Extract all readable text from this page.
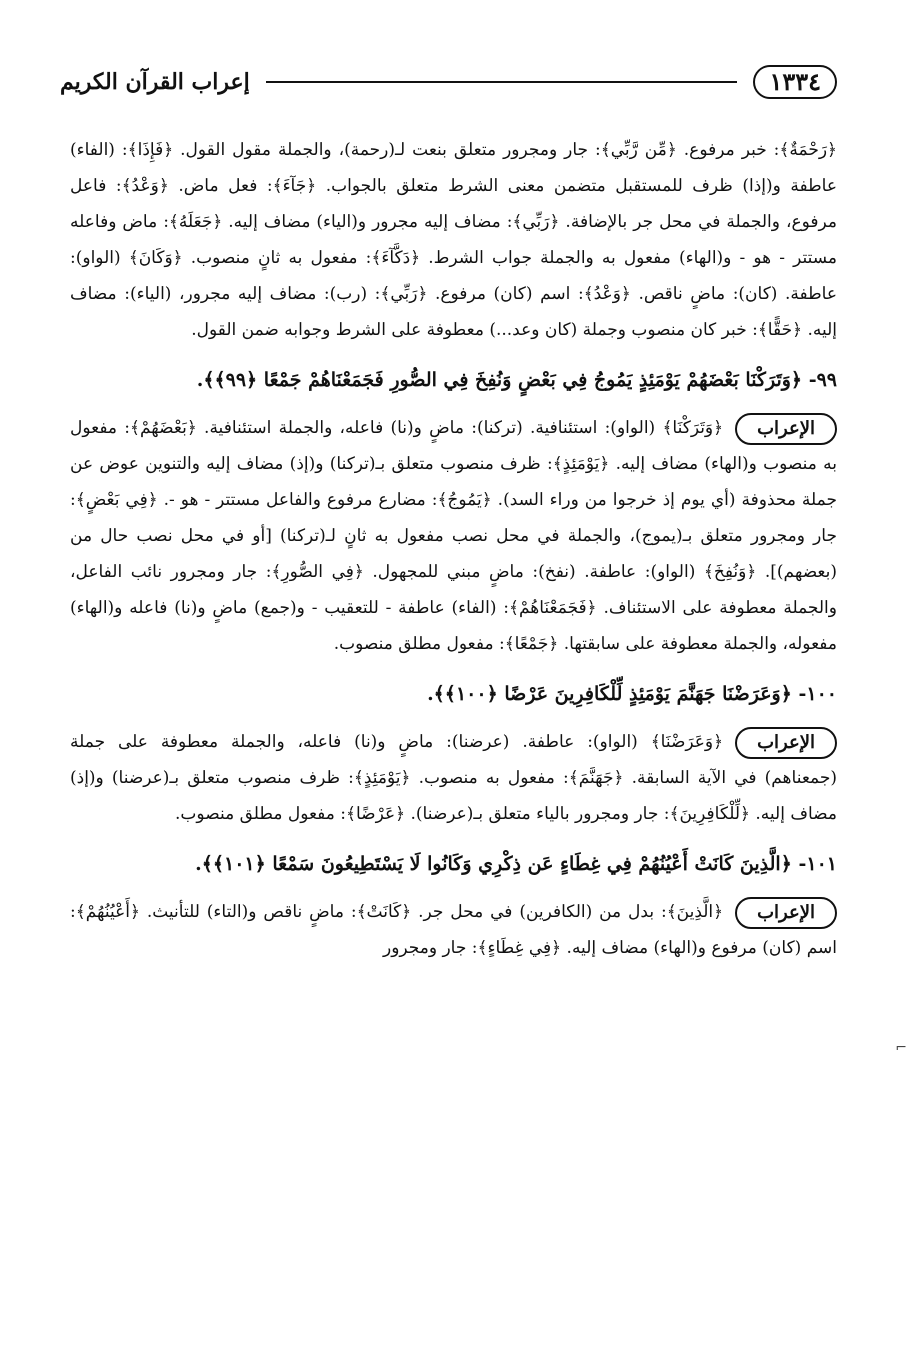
١٣٣٤
إعراب القرآن الكريم

﴿رَحْمَةٌ﴾: خبر مرفوع. ﴿مِّن رَّبِّي﴾: جار ومجرور متعلق بنعت لـ(رحمة)، والجملة مقول القول. ﴿فَإِذَا﴾: (الفاء) عاطفة و(إذا) ظرف للمستقبل متضمن معنى الشرط متعلق بالجواب. ﴿جَآءَ﴾: فعل ماض. ﴿وَعْدُ﴾: فاعل مرفوع، والجملة في محل جر بالإضافة. ﴿رَبِّي﴾: مضاف إليه مجرور و(الياء) مضاف إليه. ﴿جَعَلَهُ﴾: ماض وفاعله مستتر - هو - و(الهاء) مفعول به والجملة جواب الشرط. ﴿دَكَّآءَ﴾: مفعول به ثانٍ منصوب. ﴿وَكَانَ﴾ (الواو): عاطفة. (كان): ماضٍ ناقص. ﴿وَعْدُ﴾: اسم (كان) مرفوع. ﴿رَبِّي﴾: (رب): مضاف إليه مجرور، (الياء): مضاف إليه. ﴿حَقًّا﴾: خبر كان منصوب وجملة (كان وعد...) معطوفة على الشرط وجوابه ضمن القول.

٩٩- ﴿وَتَرَكْنَا بَعْضَهُمْ يَوْمَئِذٍ يَمُوجُ فِي بَعْضٍ وَنُفِخَ فِي الصُّورِ فَجَمَعْنَاهُمْ جَمْعًا ﴿٩٩﴾﴾.
الإعراب

﴿وَتَرَكْنَا﴾ (الواو): استئنافية. (تركنا): ماضٍ و(نا) فاعله، والجملة استئنافية. ﴿بَعْضَهُمْ﴾: مفعول به منصوب و(الهاء) مضاف إليه. ﴿يَوْمَئِذٍ﴾: ظرف منصوب متعلق بـ(تركنا) و(إذ) مضاف إليه والتنوين عوض عن جملة محذوفة (أي يوم إذ خرجوا من وراء السد). ﴿يَمُوجُ﴾: مضارع مرفوع والفاعل مستتر - هو -. ﴿فِي بَعْضٍ﴾: جار ومجرور متعلق بـ(يموج)، والجملة في محل نصب مفعول به ثانٍ لـ(تركنا) [أو في محل نصب حال من (بعضهم)]. ﴿وَنُفِخَ﴾ (الواو): عاطفة. (نفخ): ماضٍ مبني للمجهول. ﴿فِي الصُّورِ﴾: جار ومجرور نائب الفاعل، والجملة معطوفة على الاستئناف. ﴿فَجَمَعْنَاهُمْ﴾: (الفاء) عاطفة - للتعقيب - و(جمع) ماضٍ و(نا) فاعله و(الهاء) مفعوله، والجملة معطوفة على سابقتها. ﴿جَمْعًا﴾: مفعول مطلق منصوب.

١٠٠- ﴿وَعَرَضْنَا جَهَنَّمَ يَوْمَئِذٍ لِّلْكَافِرِينَ عَرْضًا ﴿١٠٠﴾﴾.
الإعراب

﴿وَعَرَضْنَا﴾ (الواو): عاطفة. (عرضنا): ماضٍ و(نا) فاعله، والجملة معطوفة على جملة (جمعناهم) في الآية السابقة. ﴿جَهَنَّمَ﴾: مفعول به منصوب. ﴿يَوْمَئِذٍ﴾: ظرف منصوب متعلق بـ(عرضنا) و(إذ) مضاف إليه. ﴿لِّلْكَافِرِينَ﴾: جار ومجرور بالياء متعلق بـ(عرضنا). ﴿عَرْضًا﴾: مفعول مطلق منصوب.

١٠١- ﴿الَّذِينَ كَانَتْ أَعْيُنُهُمْ فِي غِطَاءٍ عَن ذِكْرِي وَكَانُوا لَا يَسْتَطِيعُونَ سَمْعًا ﴿١٠١﴾﴾.
الإعراب

﴿الَّذِينَ﴾: بدل من (الكافرين) في محل جر. ﴿كَانَتْ﴾: ماضٍ ناقص و(التاء) للتأنيث. ﴿أَعْيُنُهُمْ﴾: اسم (كان) مرفوع و(الهاء) مضاف إليه. ﴿فِي غِطَاءٍ﴾: جار ومجرور

⌐
